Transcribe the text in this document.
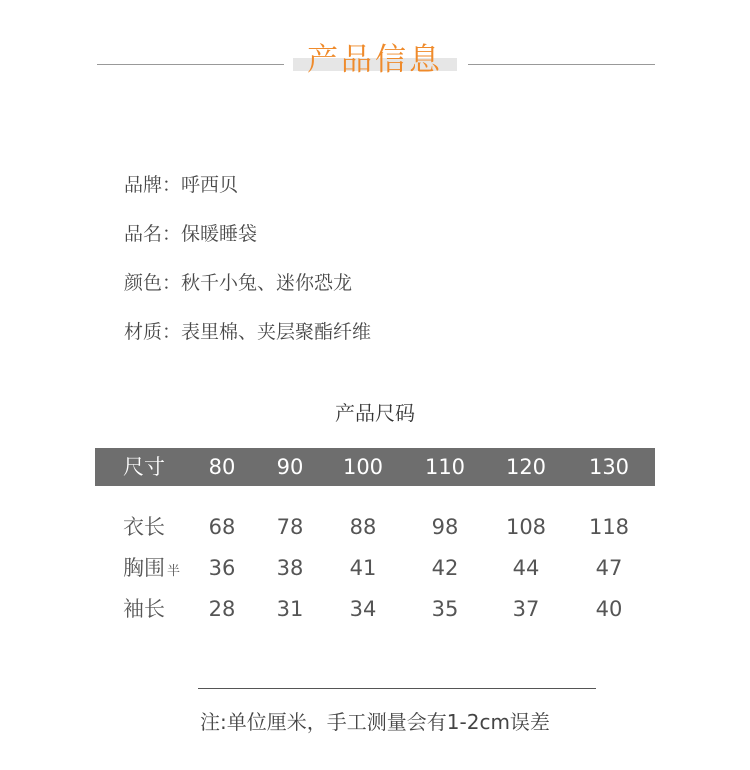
产品信息
品牌：呼西贝
品名：保暖睡袋
颜色：秋千小兔、迷你恐龙
材质：表里棉、夹层聚酯纤维
产品尺码
尺寸	80	90	100	110	120	130
衣长	68	78	88	98	108	118
胸围 半	36	38	41	42	44	47
袖长	28	31	34	35	37	40
注:单位厘米，手工测量会有1-2cm误差
